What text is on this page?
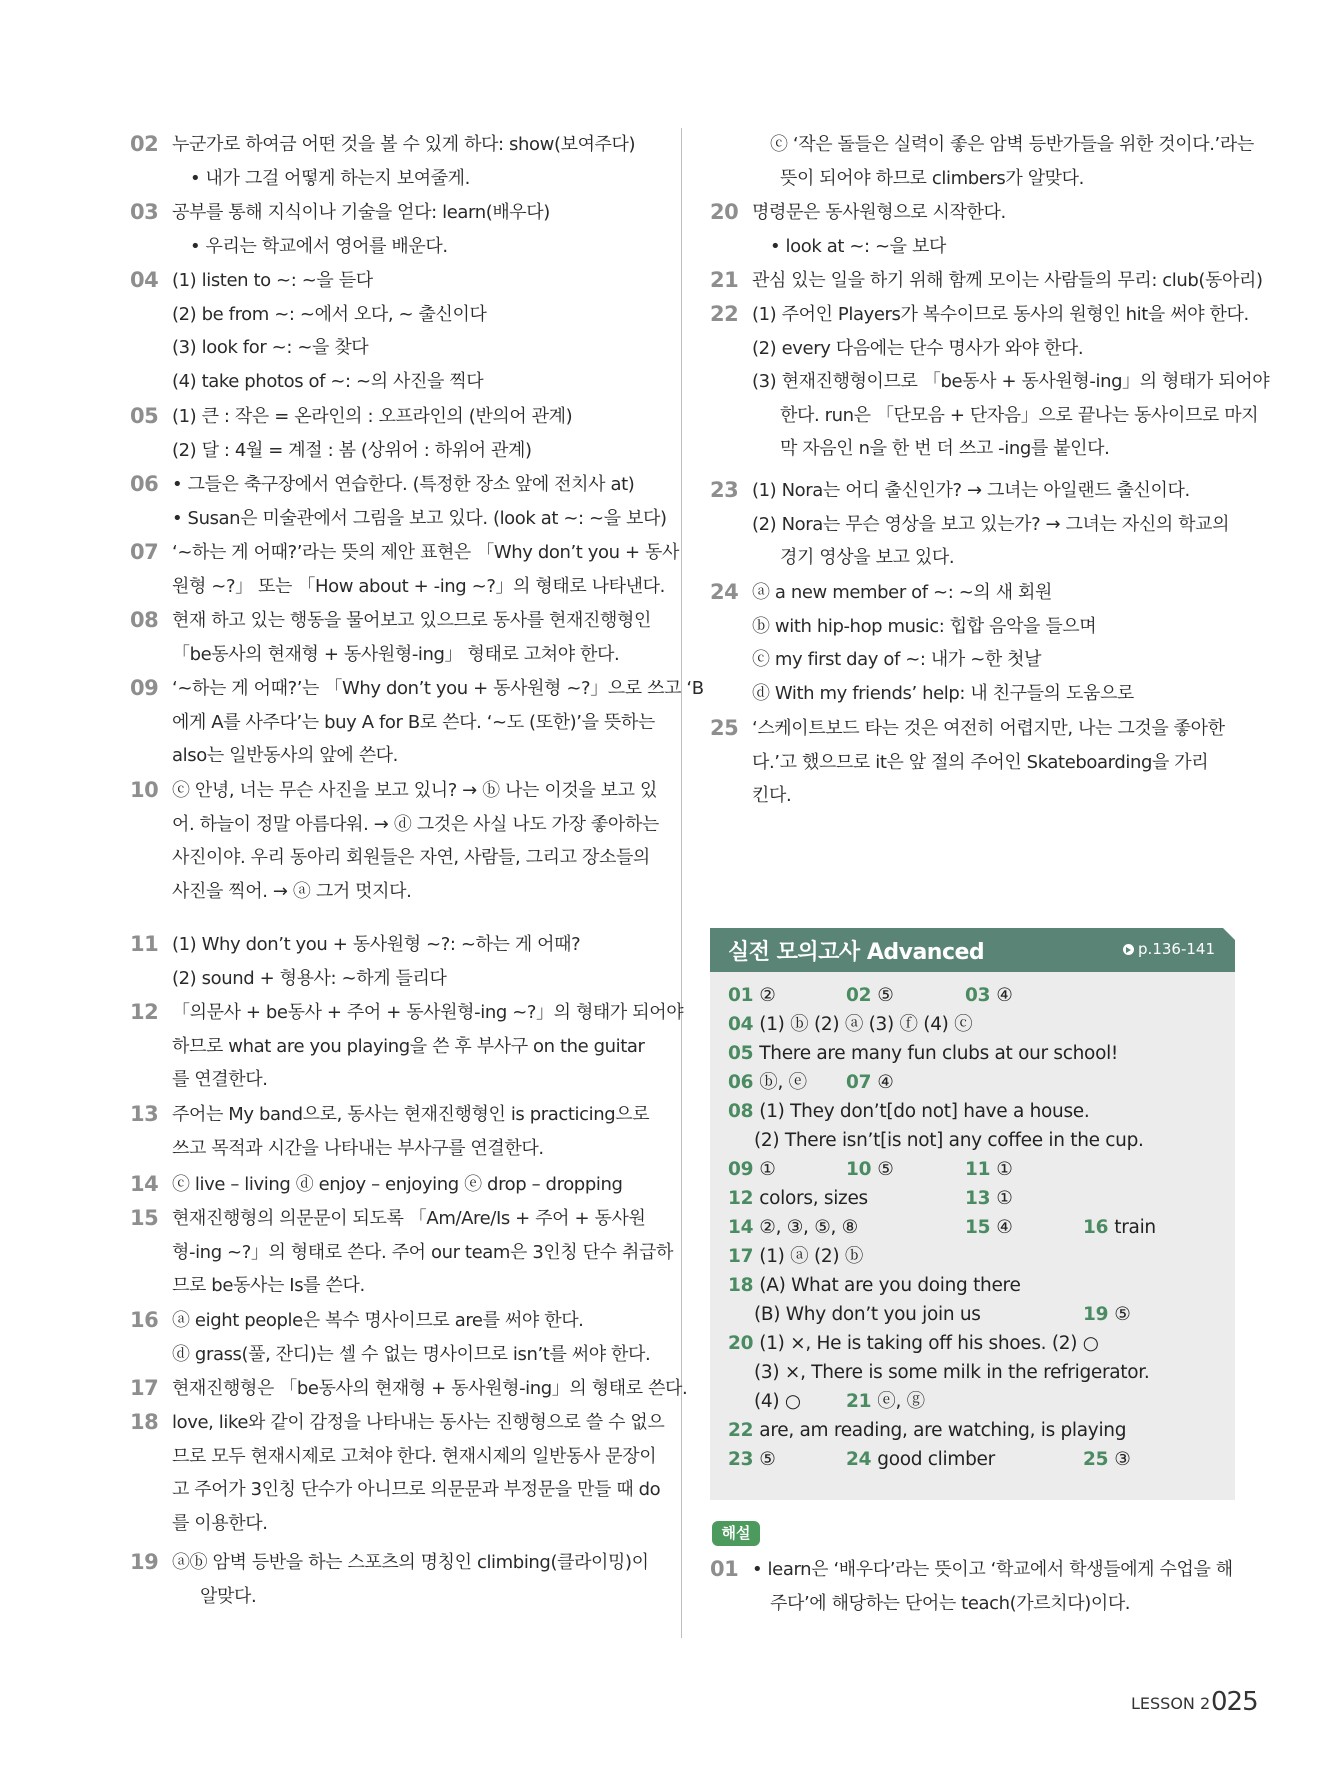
02 누군가로 하여금 어떤 것을 볼 수 있게 하다: show(보여주다)
• 내가 그걸 어떻게 하는지 보여줄게.
03 공부를 통해 지식이나 기술을 얻다: learn(배우다)
• 우리는 학교에서 영어를 배운다.
04 (1) listen to ~: ~을 듣다
(2) be from ~: ~에서 오다, ~ 출신이다
(3) look for ~: ~을 찾다
(4) take photos of ~: ~의 사진을 찍다
05 (1) 큰 : 작은 = 온라인의 : 오프라인의 (반의어 관계)
(2) 달 : 4월 = 계절 : 봄 (상위어 : 하위어 관계)
06 • 그들은 축구장에서 연습한다. (특정한 장소 앞에 전치사 at)
• Susan은 미술관에서 그림을 보고 있다. (look at ~: ~을 보다)
07 ‘~하는 게 어때?’라는 뜻의 제안 표현은 「Why don’t you + 동사
원형 ~?」 또는 「How about + -ing ~?」의 형태로 나타낸다.
08 현재 하고 있는 행동을 물어보고 있으므로 동사를 현재진행형인
「be동사의 현재형 + 동사원형-ing」 형태로 고쳐야 한다.
09 ‘~하는 게 어때?’는 「Why don’t you + 동사원형 ~?」으로 쓰고 ‘B
에게 A를 사주다’는 buy A for B로 쓴다. ‘~도 (또한)’을 뜻하는
also는 일반동사의 앞에 쓴다.
10 ⓒ 안녕, 너는 무슨 사진을 보고 있니? → ⓑ 나는 이것을 보고 있
어. 하늘이 정말 아름다워. → ⓓ 그것은 사실 나도 가장 좋아하는
사진이야. 우리 동아리 회원들은 자연, 사람들, 그리고 장소들의
사진을 찍어. → ⓐ 그거 멋지다.
11 (1) Why don’t you + 동사원형 ~?: ~하는 게 어때?
(2) sound + 형용사: ~하게 들리다
12 「의문사 + be동사 + 주어 + 동사원형-ing ~?」의 형태가 되어야
하므로 what are you playing을 쓴 후 부사구 on the guitar
를 연결한다.
13 주어는 My band으로, 동사는 현재진행형인 is practicing으로
쓰고 목적과 시간을 나타내는 부사구를 연결한다.
14 ⓒ live – living ⓓ enjoy – enjoying ⓔ drop – dropping
15 현재진행형의 의문문이 되도록 「Am/Are/Is + 주어 + 동사원
형-ing ~?」의 형태로 쓴다. 주어 our team은 3인칭 단수 취급하
므로 be동사는 Is를 쓴다.
16 ⓐ eight people은 복수 명사이므로 are를 써야 한다.
ⓓ grass(풀, 잔디)는 셀 수 없는 명사이므로 isn’t를 써야 한다.
17 현재진행형은 「be동사의 현재형 + 동사원형-ing」의 형태로 쓴다.
18 love, like와 같이 감정을 나타내는 동사는 진행형으로 쓸 수 없으
므로 모두 현재시제로 고쳐야 한다. 현재시제의 일반동사 문장이
고 주어가 3인칭 단수가 아니므로 의문문과 부정문을 만들 때 do
를 이용한다.
19 ⓐⓑ 암벽 등반을 하는 스포츠의 명칭인 climbing(클라이밍)이
알맞다.
ⓒ ‘작은 돌들은 실력이 좋은 암벽 등반가들을 위한 것이다.’라는
뜻이 되어야 하므로 climbers가 알맞다.
20 명령문은 동사원형으로 시작한다.
• look at ~: ~을 보다
21 관심 있는 일을 하기 위해 함께 모이는 사람들의 무리: club(동아리)
22 (1) 주어인 Players가 복수이므로 동사의 원형인 hit을 써야 한다.
(2) every 다음에는 단수 명사가 와야 한다.
(3) 현재진행형이므로 「be동사 + 동사원형-ing」의 형태가 되어야
한다. run은 「단모음 + 단자음」으로 끝나는 동사이므로 마지
막 자음인 n을 한 번 더 쓰고 -ing를 붙인다.
23 (1) Nora는 어디 출신인가? → 그녀는 아일랜드 출신이다.
(2) Nora는 무슨 영상을 보고 있는가? → 그녀는 자신의 학교의
경기 영상을 보고 있다.
24 ⓐ a new member of ~: ~의 새 회원
ⓑ with hip-hop music: 힙합 음악을 들으며
ⓒ my first day of ~: 내가 ~한 첫날
ⓓ With my friends’ help: 내 친구들의 도움으로
25 ‘스케이트보드 타는 것은 여전히 어렵지만, 나는 그것을 좋아한
다.’고 했으므로 it은 앞 절의 주어인 Skateboarding을 가리
킨다.
실전 모의고사 Advanced	p.136-141
01 ②	02 ⑤	03 ④
04 (1) ⓑ (2) ⓐ (3) ⓕ (4) ⓒ
05 There are many fun clubs at our school!
06 ⓑ, ⓔ 07 ④
08 (1) They don’t[do not] have a house.
(2) There isn’t[is not] any coffee in the cup.
09 ①	10 ⑤	11 ①
12 colors, sizes	13 ①
14 ②, ③, ⑤, ⑧	15 ④	16 train
17 (1) ⓐ (2) ⓑ
18 (A) What are you doing there
(B) Why don’t you join us	19 ⑤
20 (1) ×, He is taking off his shoes. (2) ○
(3) ×, There is some milk in the refrigerator.
(4) ○ 21 ⓔ, ⓖ
22 are, am reading, are watching, is playing
23 ⑤	24 good climber	25 ③
해설
01 • learn은 ‘배우다’라는 뜻이고 ‘학교에서 학생들에게 수업을 해
주다’에 해당하는 단어는 teach(가르치다)이다.
LESSON 2 025
